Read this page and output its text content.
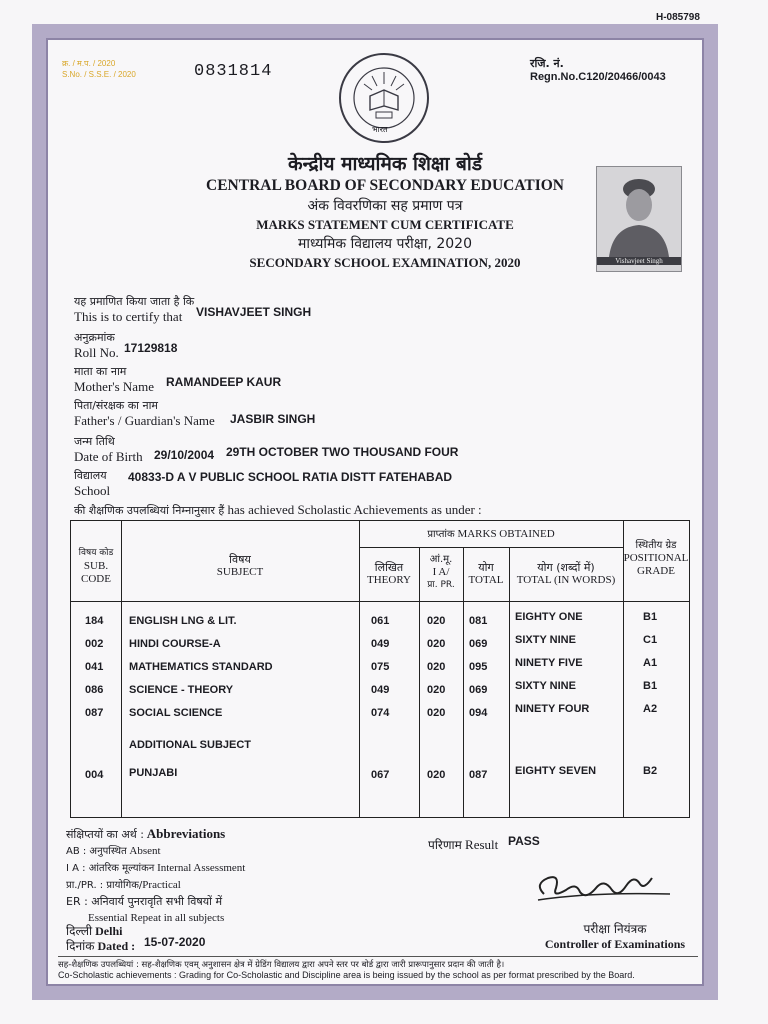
H-085798
क्र. / म.प. / 2020
S.No. / S.S.E. / 2020	0831814
भारत
रजि. नं.
Regn.No.C120/20466/0043
केन्द्रीय माध्यमिक शिक्षा बोर्ड
CENTRAL BOARD OF SECONDARY EDUCATION
अंक विवरणिका सह प्रमाण पत्र
MARKS STATEMENT CUM CERTIFICATE
माध्यमिक विद्यालय परीक्षा, 2020
SECONDARY SCHOOL EXAMINATION, 2020	Vishavjeet Singh
यह प्रमाणित किया जाता है कि
This is to certify that	VISHAVJEET SINGH
अनुक्रमांक
Roll No. 17129818
माता का नाम
Mother's Name RAMANDEEP KAUR
पिता/संरक्षक का नाम
Father's / Guardian's Name JASBIR SINGH
जन्म तिथि
Date of Birth 29/10/2004 29TH OCTOBER TWO THOUSAND FOUR
विद्यालय
School
40833-D A V PUBLIC SCHOOL RATIA DISTT FATEHABAD
की शैक्षणिक उपलब्धियां निम्नानुसार हैं has achieved Scholastic Achievements as under :
विषय कोड
SUB.
CODE
विषय
SUBJECT
प्राप्तांक MARKS OBTAINED
लिखित
THEORY
आं.मू.
I A/
प्रा. PR.
योग
TOTAL
योग (शब्दों में)
TOTAL (IN WORDS)
स्थितीय ग्रेड
POSITIONAL
GRADE
184 ENGLISH LNG & LIT.	061	020 081	EIGHTY ONE	B1
002 HINDI COURSE-A	049	020 069	SIXTY NINE	C1
041 MATHEMATICS STANDARD	075	020 095	NINETY FIVE	A1
086 SCIENCE - THEORY	049	020 069	SIXTY NINE	B1
087 SOCIAL SCIENCE	074	020 094	NINETY FOUR	A2
ADDITIONAL SUBJECT
004 PUNJABI	067	020 087	EIGHTY SEVEN	B2
संक्षिप्तयों का अर्थ : Abbreviations
AB : अनुपस्थित Absent
I A : आंतरिक मूल्यांकन Internal Assessment
प्रा./PR. : प्रायोगिक/Practical
ER : अनिवार्य पुनरावृति सभी विषयों में
Essential Repeat in all subjects
परिणाम Result PASS
दिल्ली Delhi
दिनांक Dated : 15-07-2020
परीक्षा नियंत्रक
Controller of Examinations
सह-शैक्षणिक उपलब्धियां : सह-शैक्षणिक एवम् अनुशासन क्षेत्र में ग्रेडिंग विद्यालय द्वारा अपने स्तर पर बोर्ड द्वारा जारी प्रारूपानुसार प्रदान की जाती है।
Co-Scholastic achievements : Grading for Co-Scholastic and Discipline area is being issued by the school as per format prescribed by the Board.
